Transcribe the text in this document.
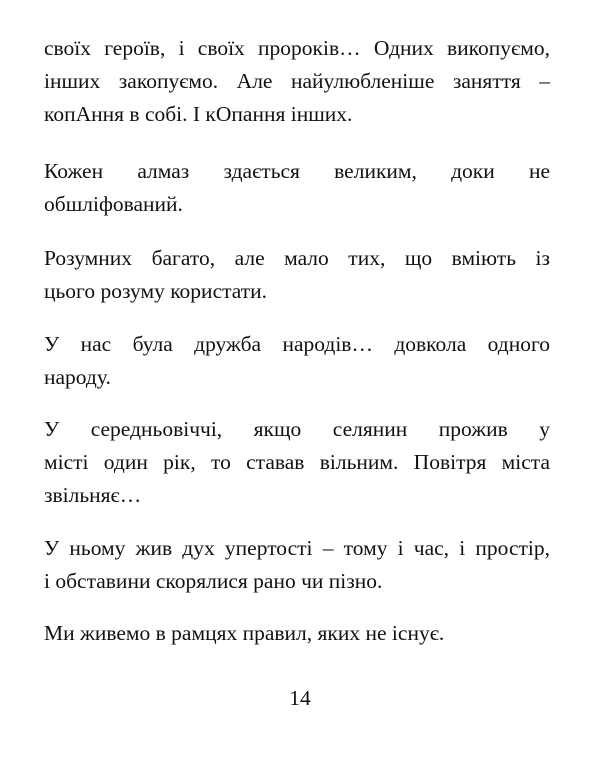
своїх героїв, і своїх пророків… Одних викопуємо,
інших закопуємо. Але найулюбленіше заняття –
копАння в собі. І кОпання інших.
Кожен алмаз здається великим, доки не
обшліфований.
Розумних багато, але мало тих, що вміють із
цього розуму користати.
У нас була дружба народів… довкола одного
народу.
У середньовіччі, якщо селянин прожив у
місті один рік, то ставав вільним. Повітря міста
звільняє…
У ньому жив дух упертості – тому і час, і простір,
і обставини скорялися рано чи пізно.
Ми живемо в рамцях правил, яких не існує.
14
